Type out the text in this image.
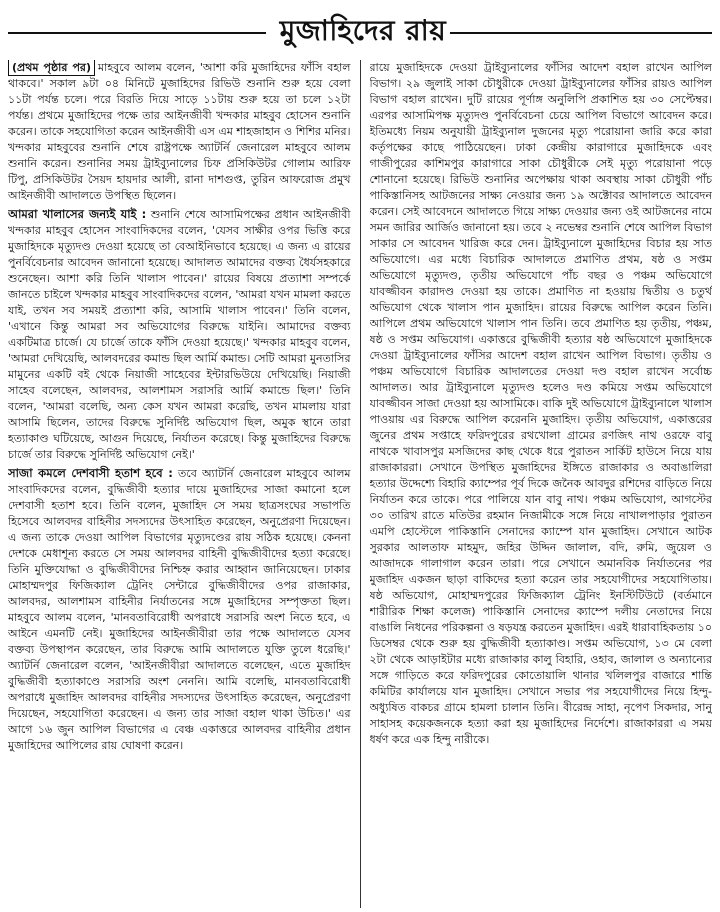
মুজাহিদের রায়

(প্রথম পৃষ্ঠার পর) মাহবুবে আলম বলেন, 'আশা করি মুজাহিদের ফাঁসি বহাল থাকবে।' সকাল ৯টা ০৪ মিনিটে মুজাহিদের রিভিউ শুনানি শুরু হয়ে বেলা ১১টা পর্যন্ত চলে। পরে বিরতি দিয়ে সাড়ে ১১টায় শুরু হয়ে তা চলে ১২টা পর্যন্ত। প্রথমে মুজাহিদের পক্ষে তার আইনজীবী খন্দকার মাহবুব হোসেন শুনানি করেন। তাকে সহযোগিতা করেন আইনজীবী এস এম শাহজাহান ও শিশির মনির। খন্দকার মাহবুবের শুনানি শেষে রাষ্ট্রপক্ষে অ্যাটর্নি জেনারেল মাহবুবে আলম শুনানি করেন। শুনানির সময় ট্রাইব্যুনালের চিফ প্রসিকিউটর গোলাম আরিফ টিপু, প্রসিকিউটর সৈয়দ হায়দার আলী, রানা দাশগুপ্ত, তুরিন আফরোজ প্রমুখ আইনজীবী আদালতে উপস্থিত ছিলেন।

আমরা খালাসের জন্যই যাই : শুনানি শেষে আসামিপক্ষের প্রধান আইনজীবী খন্দকার মাহবুব হোসেন সাংবাদিকদের বলেন, 'যেসব সাক্ষীর ওপর ভিত্তি করে মুজাহিদকে মৃত্যুদণ্ড দেওয়া হয়েছে তা বেআইনিভাবে হয়েছে। এ জন্য এ রায়ের পুনর্বিবেচনার আবেদন জানানো হয়েছে। আদালত আমাদের বক্তব্য ধৈর্যসহকারে শুনেছেন। আশা করি তিনি খালাস পাবেন।' রায়ের বিষয়ে প্রত্যাশা সম্পর্কে জানতে চাইলে খন্দকার মাহবুব সাংবাদিকদের বলেন, 'আমরা যখন মামলা করতে যাই, তখন সব সময়ই প্রত্যাশা করি, আসামি খালাস পাবেন।' তিনি বলেন, 'এখানে কিন্তু আমরা সব অভিযোগের বিরুদ্ধে যাইনি। আমাদের বক্তব্য একটিমাত্র চার্জে। যে চার্জে তাকে ফাঁসি দেওয়া হয়েছে।' খন্দকার মাহবুব বলেন, 'আমরা দেখিয়েছি, আলবদরের কমান্ড ছিল আর্মি কমান্ড। সেটি আমরা মুনতাসির মামুনের একটি বই থেকে নিয়াজী সাহেবের ইন্টারভিউয়ে দেখিয়েছি। নিয়াজী সাহেব বলেছেন, আলবদর, আলশামস সরাসরি আর্মি কমান্ডে ছিল।' তিনি বলেন, 'আমরা বলেছি, অন্য কেস যখন আমরা করেছি, তখন মামলায় যারা আসামি ছিলেন, তাদের বিরুদ্ধে সুনির্দিষ্ট অভিযোগ ছিল, অমুক স্থানে তারা হত্যাকাণ্ড ঘটিয়েছে, আগুন দিয়েছে, নির্যাতন করেছে। কিন্তু মুজাহিদের বিরুদ্ধে চার্জে তার বিরুদ্ধে সুনির্দিষ্ট অভিযোগ নেই।'

সাজা কমলে দেশবাসী হতাশ হবে : তবে অ্যাটর্নি জেনারেল মাহবুবে আলম সাংবাদিকদের বলেন, বুদ্ধিজীবী হত্যার দায়ে মুজাহিদের সাজা কমানো হলে দেশবাসী হতাশ হবে। তিনি বলেন, মুজাহিদ সে সময় ছাত্রসংঘের সভাপতি হিসেবে আলবদর বাহিনীর সদস্যদের উৎসাহিত করেছেন, অনুপ্রেরণা দিয়েছেন। এ জন্য তাকে দেওয়া আপিল বিভাগের মৃত্যুদণ্ডের রায় সঠিক হয়েছে। কেননা দেশকে মেধাশূন্য করতে সে সময় আলবদর বাহিনী বুদ্ধিজীবীদের হত্যা করেছে। তিনি মুক্তিযোদ্ধা ও বুদ্ধিজীবীদের নিশ্চিহ্ন করার আহ্বান জানিয়েছেন। ঢাকার মোহাম্মদপুর ফিজিক্যাল ট্রেনিং সেন্টারে বুদ্ধিজীবীদের ওপর রাজাকার, আলবদর, আলশামস বাহিনীর নির্যাতনের সঙ্গে মুজাহিদের সম্পৃক্ততা ছিল। মাহবুবে আলম বলেন, 'মানবতাবিরোধী অপরাধে সরাসরি অংশ নিতে হবে, এ আইনে এমনটি নেই। মুজাহিদের আইনজীবীরা তার পক্ষে আদালতে যেসব বক্তব্য উপস্থাপন করেছেন, তার বিরুদ্ধে আমি আদালতে যুক্তি তুলে ধরেছি।' অ্যাটর্নি জেনারেল বলেন, 'আইনজীবীরা আদালতে বলেছেন, এতে মুজাহিদ বুদ্ধিজীবী হত্যাকাণ্ডে সরাসরি অংশ নেননি। আমি বলেছি, মানবতাবিরোধী অপরাধে মুজাহিদ আলবদর বাহিনীর সদস্যদের উৎসাহিত করেছেন, অনুপ্রেরণা দিয়েছেন, সহযোগিতা করেছেন। এ জন্য তার সাজা বহাল থাকা উচিত।' এর আগে ১৬ জুন আপিল বিভাগের এ বেঞ্চ একাত্তরে আলবদর বাহিনীর প্রধান মুজাহিদের আপিলের রায় ঘোষণা করেন।

রায়ে মুজাহিদকে দেওয়া ট্রাইব্যুনালের ফাঁসির আদেশ বহাল রাখেন আপিল বিভাগ। ২৯ জুলাই সাকা চৌধুরীকে দেওয়া ট্রাইব্যুনালের ফাঁসির রায়ও আপিল বিভাগ বহাল রাখেন। দুটি রায়ের পূর্ণাঙ্গ অনুলিপি প্রকাশিত হয় ৩০ সেপ্টেম্বর। এরপর আসামিপক্ষ মৃত্যুদণ্ড পুনর্বিবেচনা চেয়ে আপিল বিভাগে আবেদন করে। ইতিমধ্যে নিয়ম অনুযায়ী ট্রাইব্যুনাল দুজনের মৃত্যু পরোয়ানা জারি করে কারা কর্তৃপক্ষের কাছে পাঠিয়েছেন। ঢাকা কেন্দ্রীয় কারাগারে মুজাহিদকে এবং গাজীপুরের কাশিমপুর কারাগারে সাকা চৌধুরীকে সেই মৃত্যু পরোয়ানা পড়ে শোনানো হয়েছে। রিভিউ শুনানির অপেক্ষায় থাকা অবস্থায় সাকা চৌধুরী পাঁচ পাকিস্তানিসহ আটজনের সাক্ষ্য নেওয়ার জন্য ১৯ অক্টোবর আদালতে আবেদন করেন। সেই আবেদনে আদালতে গিয়ে সাক্ষ্য দেওয়ার জন্য ওই আটজনের নামে সমন জারির আর্জিও জানানো হয়। তবে ২ নভেম্বর শুনানি শেষে আপিল বিভাগ সাকার সে আবেদন খারিজ করে দেন। ট্রাইব্যুনালে মুজাহিদের বিচার হয় সাত অভিযোগে। এর মধ্যে বিচারিক আদালতে প্রমাণিত প্রথম, ষষ্ঠ ও সপ্তম অভিযোগে মৃত্যুদণ্ড, তৃতীয় অভিযোগে পাঁচ বছর ও পঞ্চম অভিযোগে যাবজ্জীবন কারাদণ্ড দেওয়া হয় তাকে। প্রমাণিত না হওয়ায় দ্বিতীয় ও চতুর্থ অভিযোগ থেকে খালাস পান মুজাহিদ। রায়ের বিরুদ্ধে আপিল করেন তিনি। আপিলে প্রথম অভিযোগে খালাস পান তিনি। তবে প্রমাণিত হয় তৃতীয়, পঞ্চম, ষষ্ঠ ও সপ্তম অভিযোগ। একাত্তরে বুদ্ধিজীবী হত্যার ষষ্ঠ অভিযোগে মুজাহিদকে দেওয়া ট্রাইব্যুনালের ফাঁসির আদেশ বহাল রাখেন আপিল বিভাগ। তৃতীয় ও পঞ্চম অভিযোগে বিচারিক আদালতের দেওয়া দণ্ড বহাল রাখেন সর্বোচ্চ আদালত। আর ট্রাইব্যুনালে মৃত্যুদণ্ড হলেও দণ্ড কমিয়ে সপ্তম অভিযোগে যাবজ্জীবন সাজা দেওয়া হয় আসামিকে। বাকি দুই অভিযোগে ট্রাইব্যুনালে খালাস পাওয়ায় এর বিরুদ্ধে আপিল করেননি মুজাহিদ। তৃতীয় অভিযোগ, একাত্তরের জুনের প্রথম সপ্তাহে ফরিদপুরের রথখোলা গ্রামের রণজিৎ নাথ ওরফে বাবু নাথকে খাবাসপুর মসজিদের কাছ থেকে ধরে পুরাতন সার্কিট হাউসে নিয়ে যায় রাজাকাররা। সেখানে উপস্থিত মুজাহিদের ইঙ্গিতে রাজাকার ও অবাঙালিরা হত্যার উদ্দেশ্যে বিহারি ক্যাম্পের পূর্ব দিকে জনৈক আবদুর রশিদের বাড়িতে নিয়ে নির্যাতন করে তাকে। পরে পালিয়ে যান বাবু নাথ। পঞ্চম অভিযোগ, আগস্টের ৩০ তারিখ রাতে মতিউর রহমান নিজামীকে সঙ্গে নিয়ে নাখালপাড়ার পুরাতন এমপি হোস্টেলে পাকিস্তানি সেনাদের ক্যাম্পে যান মুজাহিদ। সেখানে আটক সুরকার আলতাফ মাহমুদ, জহির উদ্দিন জালাল, বদি, রুমি, জুয়েল ও আজাদকে গালাগাল করেন তারা। পরে সেখানে অমানবিক নির্যাতনের পর মুজাহিদ একজন ছাড়া বাকিদের হত্যা করেন তার সহযোগীদের সহযোগিতায়। ষষ্ঠ অভিযোগ, মোহাম্মদপুরের ফিজিক্যাল ট্রেনিং ইনস্টিটিউটে (বর্তমানে শারীরিক শিক্ষা কলেজ) পাকিস্তানি সেনাদের ক্যাম্পে দলীয় নেতাদের নিয়ে বাঙালি নিধনের পরিকল্পনা ও ষড়যন্ত্র করতেন মুজাহিদ। এরই ধারাবাহিকতায় ১০ ডিসেম্বর থেকে শুরু হয় বুদ্ধিজীবী হত্যাকাণ্ড। সপ্তম অভিযোগ, ১৩ মে বেলা ২টা থেকে আড়াইটার মধ্যে রাজাকার কালু বিহারি, ওহাব, জালাল ও অন্যান্যের সঙ্গে গাড়িতে করে ফরিদপুরের কোতোয়ালি থানার খলিলপুর বাজারে শান্তি কমিটির কার্যালয়ে যান মুজাহিদ। সেখানে সভার পর সহযোগীদের নিয়ে হিন্দু-অধ্যুষিত বাকচর গ্রামে হামলা চালান তিনি। বীরেন্দ্র সাহা, নৃপেণ সিকদার, সানু সাহাসহ কয়েকজনকে হত্যা করা হয় মুজাহিদের নির্দেশে। রাজাকাররা এ সময় ধর্ষণ করে এক হিন্দু নারীকে।
